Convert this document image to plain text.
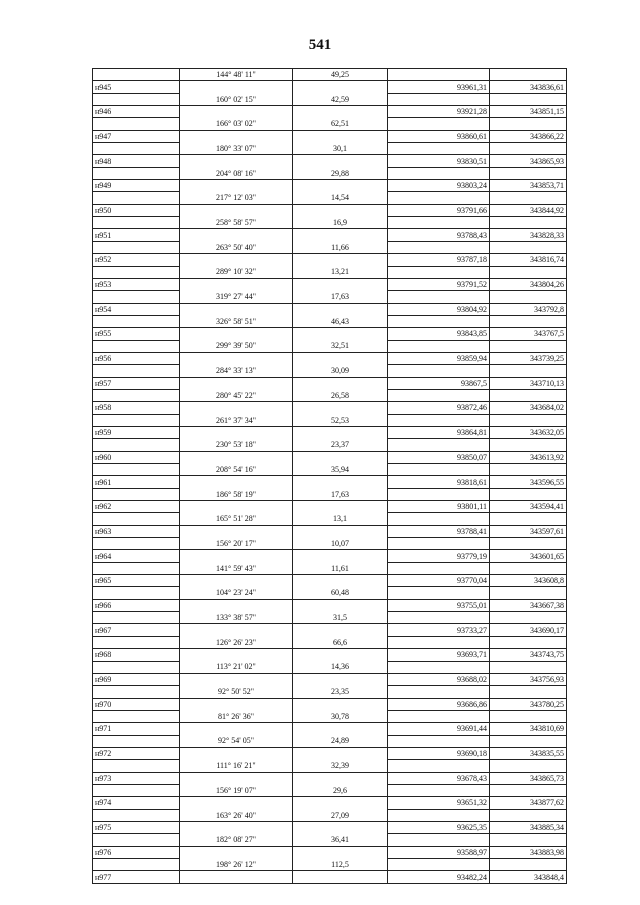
541
	144° 48' 11"	49,25		
н945			93961,31	343836,61
	160° 02' 15"	42,59		
н946			93921,28	343851,15
	166° 03' 02"	62,51		
н947			93860,61	343866,22
	180° 33' 07"	30,1		
н948			93830,51	343865,93
	204° 08' 16"	29,88		
н949			93803,24	343853,71
	217° 12' 03"	14,54		
н950			93791,66	343844,92
	258° 58' 57"	16,9		
н951			93788,43	343828,33
	263° 50' 40"	11,66		
н952			93787,18	343816,74
	289° 10' 32"	13,21		
н953			93791,52	343804,26
	319° 27' 44"	17,63		
н954			93804,92	343792,8
	326° 58' 51"	46,43		
н955			93843,85	343767,5
	299° 39' 50"	32,51		
н956			93859,94	343739,25
	284° 33' 13"	30,09		
н957			93867,5	343710,13
	280° 45' 22"	26,58		
н958			93872,46	343684,02
	261° 37' 34"	52,53		
н959			93864,81	343632,05
	230° 53' 18"	23,37		
н960			93850,07	343613,92
	208° 54' 16"	35,94		
н961			93818,61	343596,55
	186° 58' 19"	17,63		
н962			93801,11	343594,41
	165° 51' 28"	13,1		
н963			93788,41	343597,61
	156° 20' 17"	10,07		
н964			93779,19	343601,65
	141° 59' 43"	11,61		
н965			93770,04	343608,8
	104° 23' 24"	60,48		
н966			93755,01	343667,38
	133° 38' 57"	31,5		
н967			93733,27	343690,17
	126° 26' 23"	66,6		
н968			93693,71	343743,75
	113° 21' 02"	14,36		
н969			93688,02	343756,93
	92° 50' 52"	23,35		
н970			93686,86	343780,25
	81° 26' 36"	30,78		
н971			93691,44	343810,69
	92° 54' 05"	24,89		
н972			93690,18	343835,55
	111° 16' 21"	32,39		
н973			93678,43	343865,73
	156° 19' 07"	29,6		
н974			93651,32	343877,62
	163° 26' 40"	27,09		
н975			93625,35	343885,34
	182° 08' 27"	36,41		
н976			93588,97	343883,98
	198° 26' 12"	112,5		
н977			93482,24	343848,4
